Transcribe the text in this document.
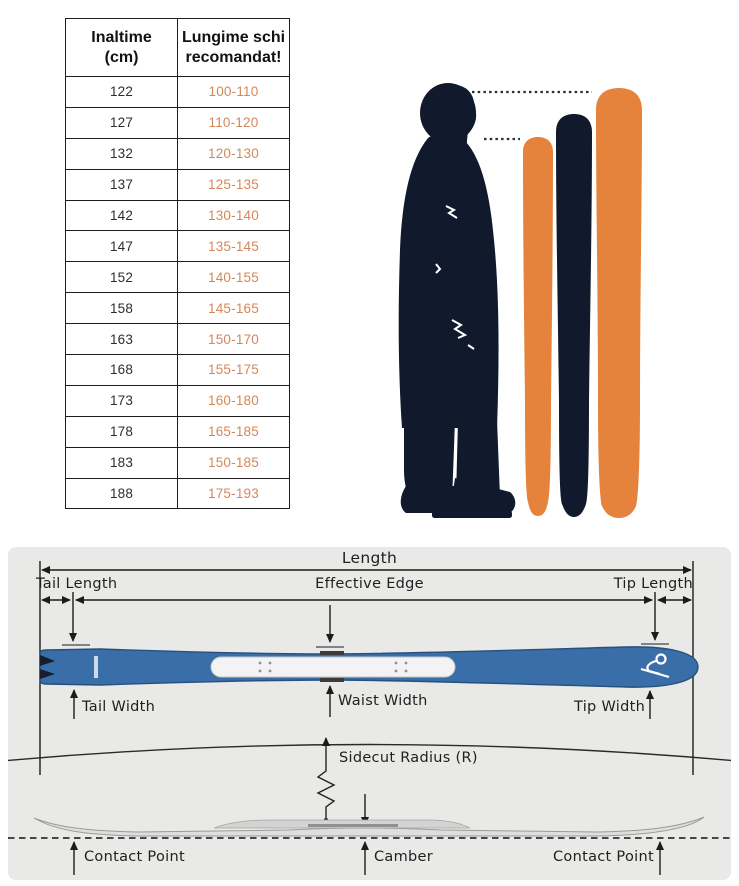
Inaltime
(cm)

Lungime schi
recomandat!

122	100-110
127	110-120
132	120-130
137	125-135
142	130-140
147	135-145
152	140-155
158	145-165
163	150-170
168	155-175
173	160-180
178	165-185
183	150-185
188	175-193
Length
Tail Length	Effective Edge	Tip Length
Tail Width	Waist Width	Tip Width
Sidecut Radius (R)
Contact Point	Camber	Contact Point
